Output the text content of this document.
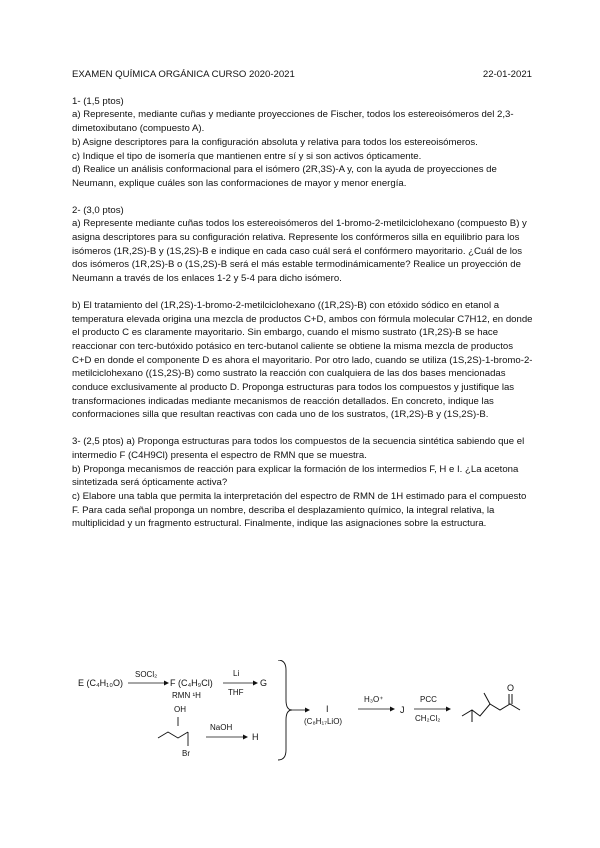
EXAMEN QUÍMICA ORGÁNICA CURSO 2020-2021	22-01-2021

1- (1,5 ptos)
a) Represente, mediante cuñas y mediante proyecciones de Fischer, todos los estereoisómeros del 2,3-dimetoxibutano (compuesto A).
b) Asigne descriptores para la configuración absoluta y relativa para todos los estereoisómeros.
c) Indique el tipo de isomería que mantienen entre sí y si son activos ópticamente.
d) Realice un análisis conformacional para el isómero (2R,3S)-A y, con la ayuda de proyecciones de Neumann, explique cuáles son las conformaciones de mayor y menor energía.

2- (3,0 ptos)
a) Represente mediante cuñas todos los estereoisómeros del 1-bromo-2-metilciclohexano (compuesto B) y asigna descriptores para su configuración relativa. Represente los confórmeros silla en equilibrio para los isómeros (1R,2S)-B y (1S,2S)-B e indique en cada caso cuál será el confórmero mayoritario. ¿Cuál de los dos isómeros (1R,2S)-B o (1S,2S)-B será el más estable termodinámicamente? Realice un proyección de Neumann a través de los enlaces 1-2 y 5-4 para dicho isómero.

b) El tratamiento del (1R,2S)-1-bromo-2-metilciclohexano ((1R,2S)-B) con etóxido sódico en etanol a temperatura elevada origina una mezcla de productos C+D, ambos con fórmula molecular C7H12, en donde el producto C es claramente mayoritario. Sin embargo, cuando el mismo sustrato (1R,2S)-B se hace reaccionar con terc-butóxido potásico en terc-butanol caliente se obtiene la misma mezcla de productos C+D en donde el componente D es ahora el mayoritario. Por otro lado, cuando se utiliza (1S,2S)-1-bromo-2-metilciclohexano ((1S,2S)-B) como sustrato la reacción con cualquiera de las dos bases mencionadas conduce exclusivamente al producto D. Proponga estructuras para todos los compuestos y justifique las transformaciones indicadas mediante mecanismos de reacción detallados. En concreto, indique las conformaciones silla que resultan reactivas con cada uno de los sustratos, (1R,2S)-B y (1S,2S)-B.

3- (2,5 ptos) a) Proponga estructuras para todos los compuestos de la secuencia sintética sabiendo que el intermedio F (C4H9Cl) presenta el espectro de RMN que se muestra.
b) Proponga mecanismos de reacción para explicar la formación de los intermedios F, H e I. ¿La acetona sintetizada será ópticamente activa?
c) Elabore una tabla que permita la interpretación del espectro de RMN de 1H estimado para el compuesto F. Para cada señal proponga un nombre, describa el desplazamiento químico, la integral relativa, la multiplicidad y un fragmento estructural. Finalmente, indique las asignaciones sobre la estructura.

E (C₄H₁₀O)
SOCl₂
F (C₄H₉Cl)
RMN ¹H
Li
THF
G
OH
Br
NaOH
H
I
(C₈H₁₇LiO)
H₃O⁺
J
PCC
CH₂Cl₂
O
